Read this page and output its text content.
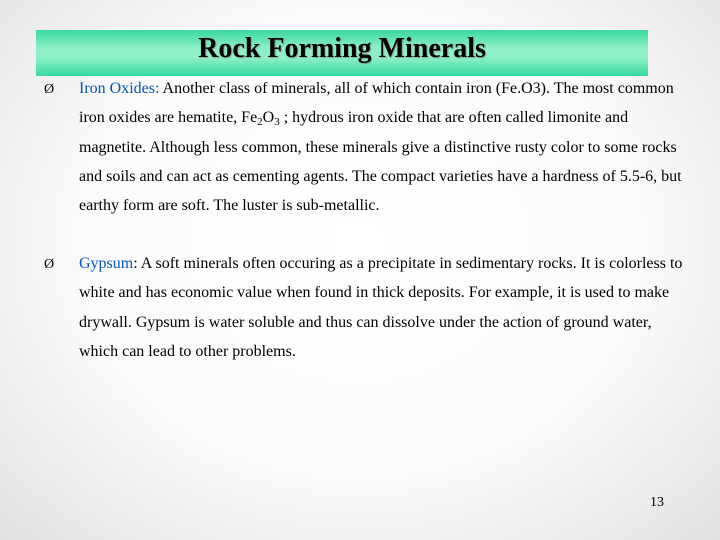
Rock Forming Minerals
Ø Iron Oxides: Another class of minerals, all of which contain iron (Fe.O3). The most common iron oxides are hematite, $Fe_2O_3$ ; hydrous iron oxide that are often called limonite and magnetite. Although less common, these minerals give a distinctive rusty color to some rocks and soils and can act as cementing agents. The compact varieties have a hardness of 5.5-6, but earthy form are soft. The luster is sub-metallic.
Ø Gypsum: A soft minerals often occuring as a precipitate in sedimentary rocks. It is colorless to white and has economic value when found in thick deposits. For example, it is used to make drywall. Gypsum is water soluble and thus can dissolve under the action of ground water, which can lead to other problems.
13
